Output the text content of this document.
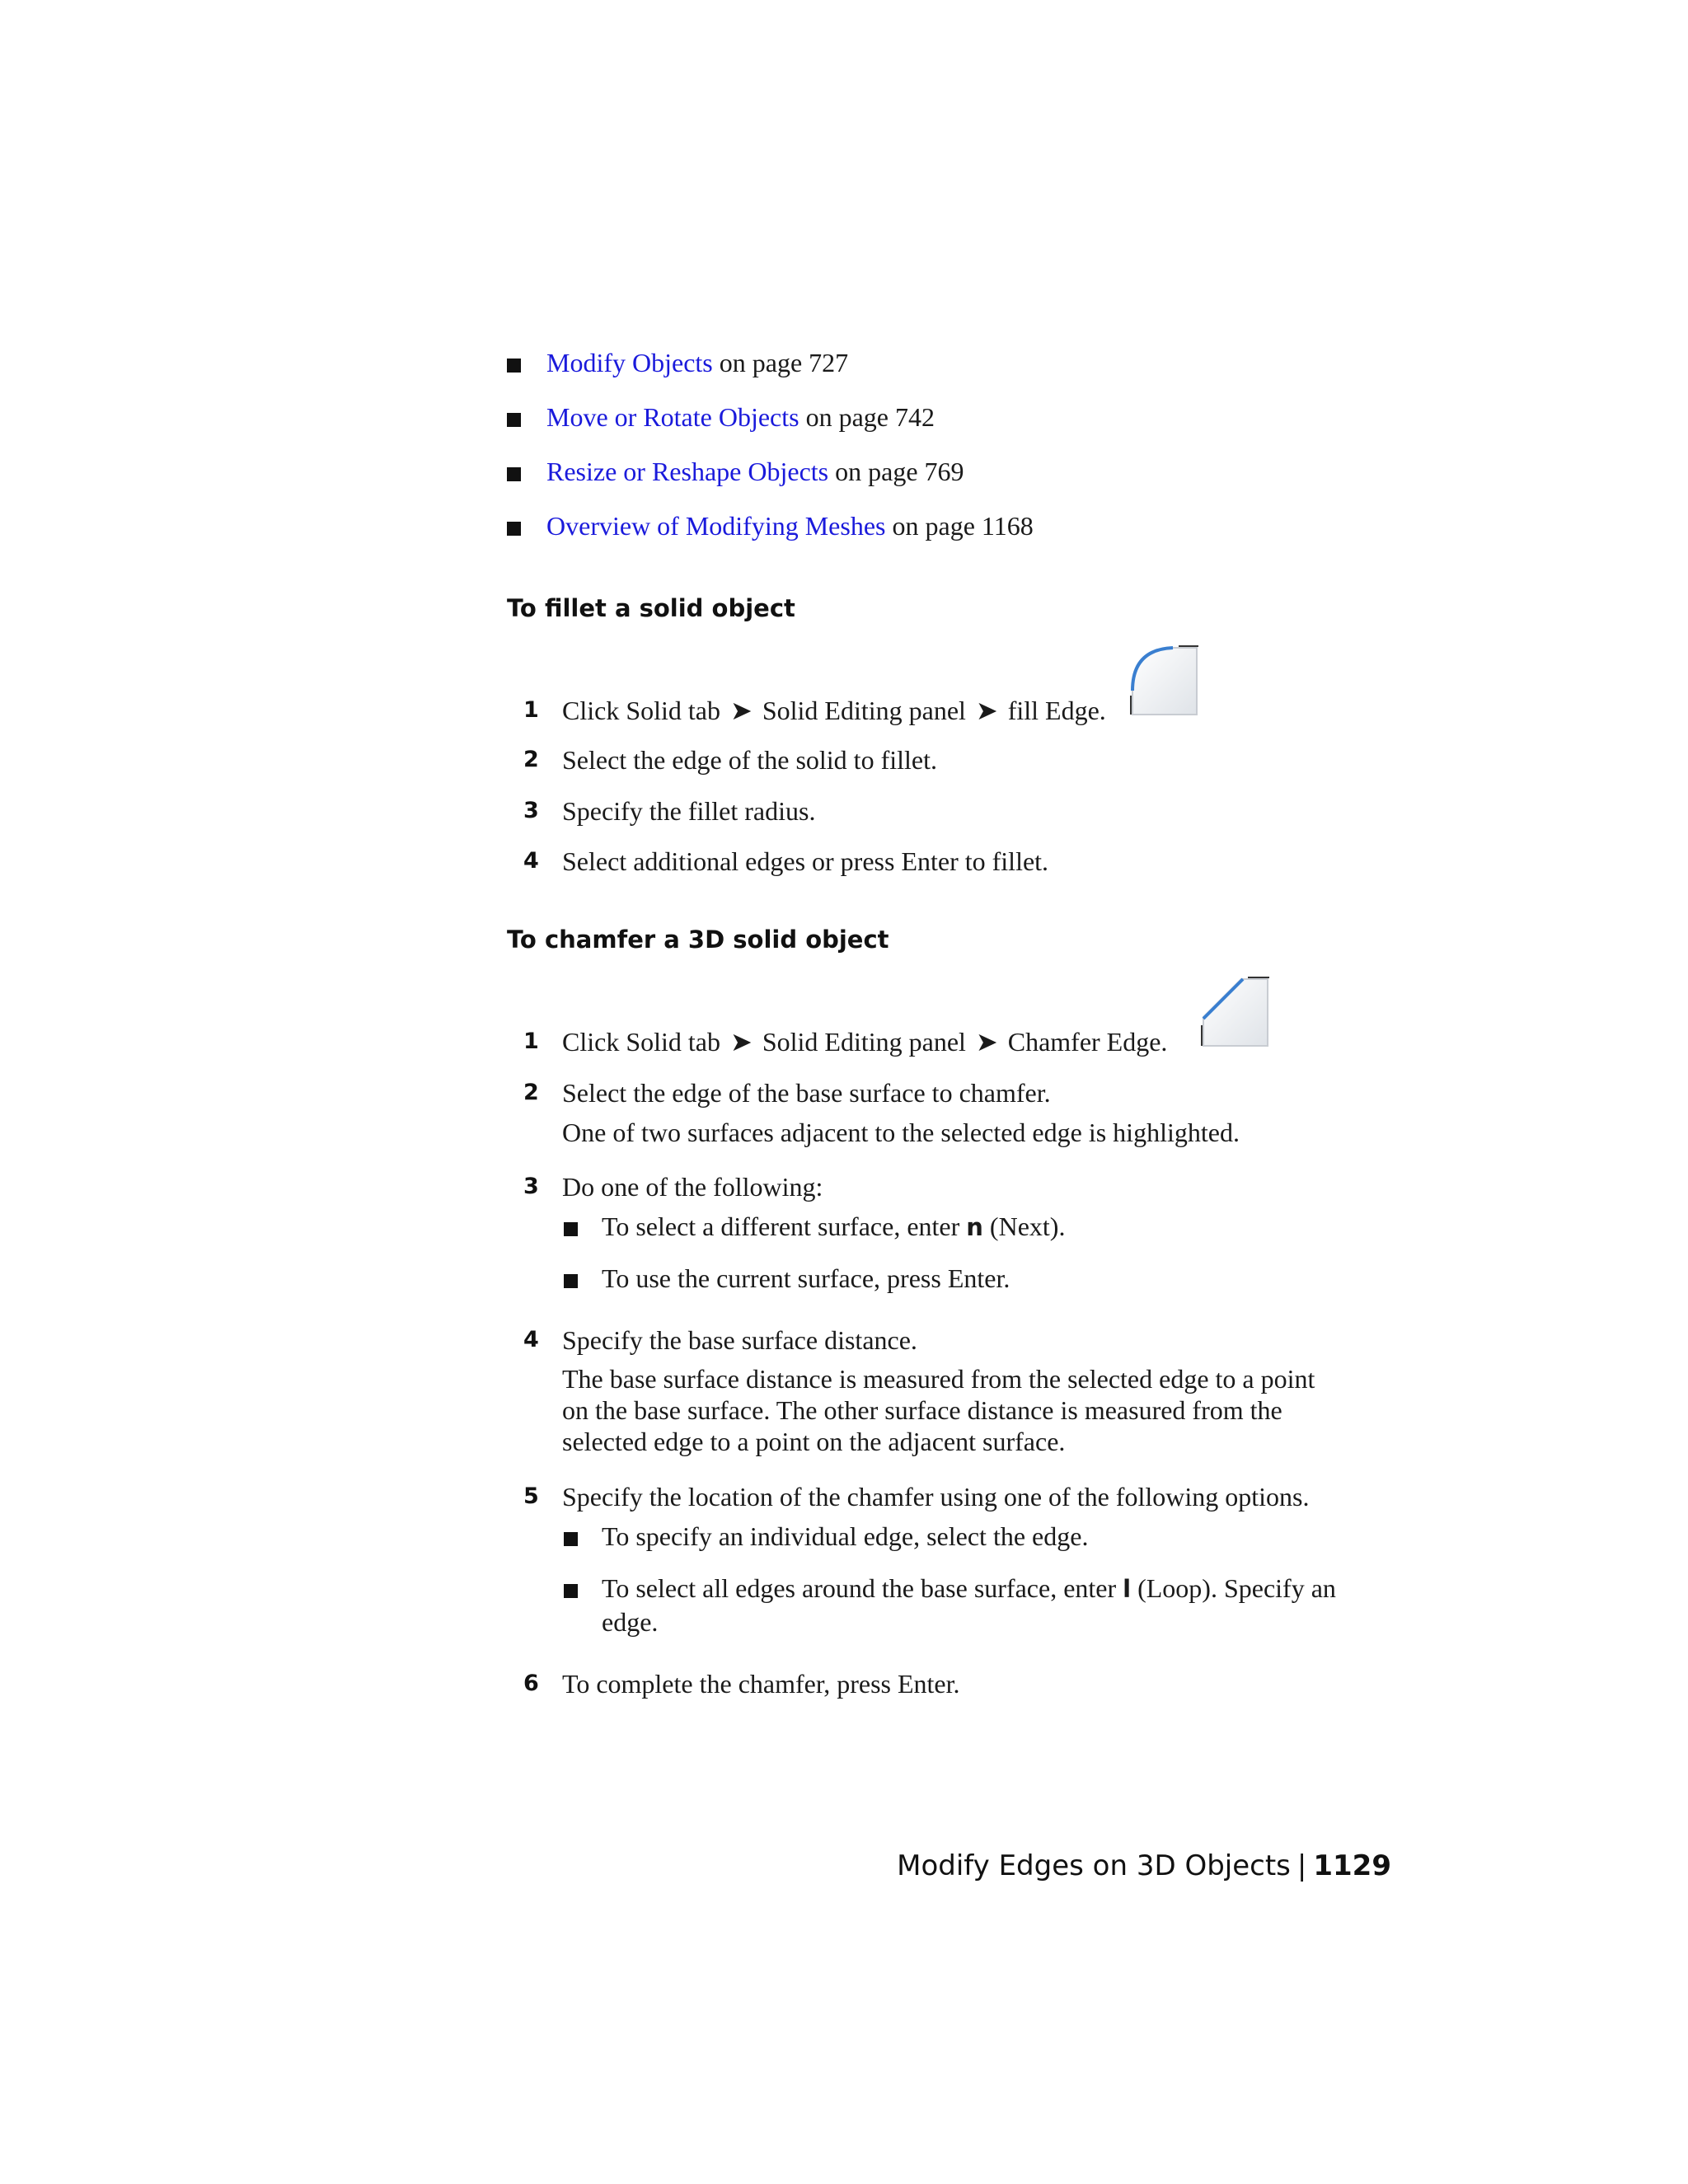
Modify Objects on page 727
Move or Rotate Objects on page 742
Resize or Reshape Objects on page 769
Overview of Modifying Meshes on page 1168
To fillet a solid object
1 Click Solid tab ➤ Solid Editing panel ➤ fill Edge.
2 Select the edge of the solid to fillet.
3 Specify the fillet radius.
4 Select additional edges or press Enter to fillet.
To chamfer a 3D solid object
1 Click Solid tab ➤ Solid Editing panel ➤ Chamfer Edge.
2 Select the edge of the base surface to chamfer.
One of two surfaces adjacent to the selected edge is highlighted.
3 Do one of the following:
To select a different surface, enter n (Next).
To use the current surface, press Enter.
4 Specify the base surface distance.
The base surface distance is measured from the selected edge to a point
on the base surface. The other surface distance is measured from the
selected edge to a point on the adjacent surface.
5 Specify the location of the chamfer using one of the following options.
To specify an individual edge, select the edge.
To select all edges around the base surface, enter l (Loop). Specify an
edge.
6 To complete the chamfer, press Enter.
Modify Edges on 3D Objects | 1129
